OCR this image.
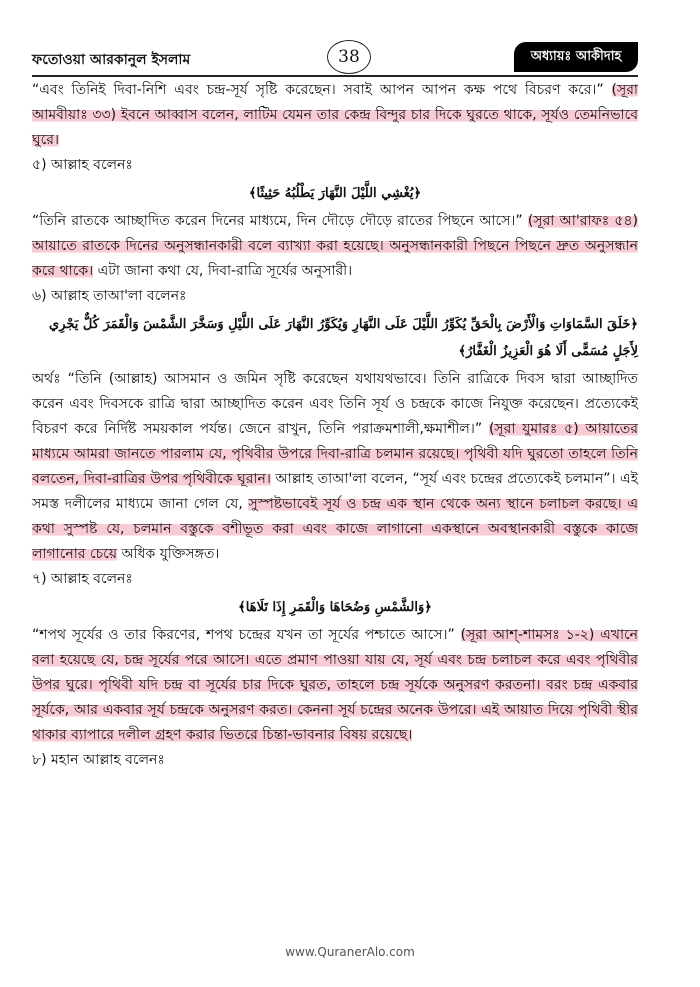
ফতোওয়া আরকানুল ইসলাম	38	অধ্যায়ঃ আকীদাহ

“এবং তিনিই দিবা-নিশি এবং চন্দ্র-সূর্য সৃষ্টি করেছেন। সবাই আপন আপন কক্ষ পথে বিচরণ করে।” (সূরা আমবীয়াঃ ৩৩) ইবনে আব্বাস বলেন, লাটিম যেমন তার কেন্দ্র বিন্দুর চার দিকে ঘুরতে থাকে, সূর্যও তেমনিভাবে ঘুরে।

৫) আল্লাহ বলেনঃ

﴿يُغْشِي اللَّيْلَ النَّهَارَ يَطْلُبُهُ حَثِيثًا﴾

“তিনি রাতকে আচ্ছাদিত করেন দিনের মাধ্যমে, দিন দৌড়ে দৌড়ে রাতের পিছনে আসে।” (সূরা আ'রাফঃ ৫৪) আয়াতে রাতকে দিনের অনুসন্ধানকারী বলে ব্যাখ্যা করা হয়েছে। অনুসন্ধানকারী পিছনে পিছনে দ্রুত অনুসন্ধান করে থাকে। এটা জানা কথা যে, দিবা-রাত্রি সূর্যের অনুসারী।

৬) আল্লাহ তাআ'লা বলেনঃ

﴿خَلَقَ السَّمَاوَاتِ وَالْأَرْضَ بِالْحَقِّ يُكَوِّرُ اللَّيْلَ عَلَى النَّهَارِ وَيُكَوِّرُ النَّهَارَ عَلَى اللَّيْلِ وَسَخَّرَ الشَّمْسَ وَالْقَمَرَ كُلٌّ يَجْرِي لِأَجَلٍ مُسَمًّى أَلَا هُوَ الْعَزِيزُ الْغَفَّارُ﴾

অর্থঃ “তিনি (আল্লাহ) আসমান ও জমিন সৃষ্টি করেছেন যথাযথভাবে। তিনি রাত্রিকে দিবস দ্বারা আচ্ছাদিত করেন এবং দিবসকে রাত্রি দ্বারা আচ্ছাদিত করেন এবং তিনি সূর্য ও চন্দ্রকে কাজে নিযুক্ত করেছেন। প্রত্যেকেই বিচরণ করে নির্দিষ্ট সময়কাল পর্যন্ত। জেনে রাখুন, তিনি পরাক্রমশালী,ক্ষমাশীল।” (সূরা যুমারঃ ৫) আয়াতের মাধ্যমে আমরা জানতে পারলাম যে, পৃথিবীর উপরে দিবা-রাত্রি চলমান রয়েছে। পৃথিবী যদি ঘুরতো তাহলে তিনি বলতেন, দিবা-রাত্রির উপর পৃথিবীকে ঘূরান। আল্লাহ তাআ'লা বলেন, “সূর্য এবং চন্দ্রের প্রত্যেকেই চলমান”। এই সমস্ত দলীলের মাধ্যমে জানা গেল যে, সুস্পষ্টভাবেই সূর্য ও চন্দ্র এক স্থান থেকে অন্য স্থানে চলাচল করছে। এ কথা সুস্পষ্ট যে, চলমান বস্তুকে বশীভূত করা এবং কাজে লাগানো একস্থানে অবস্থানকারী বস্তুকে কাজে লাগানোর চেয়ে অধিক যুক্তিসঙ্গত।

৭) আল্লাহ বলেনঃ

﴿وَالشَّمْسِ وَضُحَاهَا وَالْقَمَرِ إِذَا تَلَاهَا﴾

“শপথ সূর্যের ও তার কিরণের, শপথ চন্দ্রের যখন তা সূর্যের পশ্চাতে আসে।” (সূরা আশ্-শামসঃ ১-২) এখানে বলা হয়েছে যে, চন্দ্র সূর্যের পরে আসে। এতে প্রমাণ পাওয়া যায় যে, সূর্য এবং চন্দ্র চলাচল করে এবং পৃথিবীর উপর ঘুরে। পৃথিবী যদি চন্দ্র বা সূর্যের চার দিকে ঘুরত, তাহলে চন্দ্র সূর্যকে অনুসরণ করতনা। বরং চন্দ্র একবার সূর্যকে, আর একবার সূর্য চন্দ্রকে অনুসরণ করত। কেননা সূর্য চন্দ্রের অনেক উপরে। এই আয়াত দিয়ে পৃথিবী স্থীর থাকার ব্যাপারে দলীল গ্রহণ করার ভিতরে চিন্তা-ভাবনার বিষয় রয়েছে।

৮) মহান আল্লাহ বলেনঃ

www.QuranerAlo.com
